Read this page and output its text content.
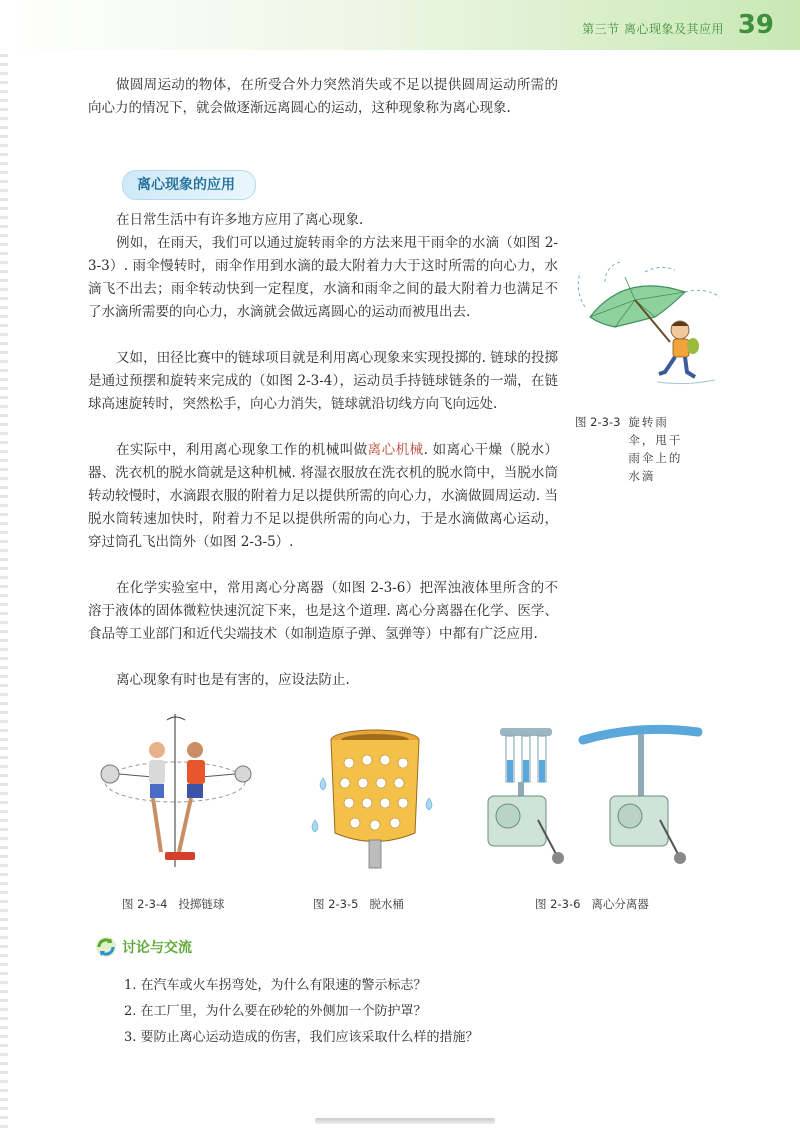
第三节 离心现象及其应用 39

做圆周运动的物体，在所受合外力突然消失或不足以提供圆周运动所需的向心力的情况下，就会做逐渐远离圆心的运动，这种现象称为离心现象.

离心现象的应用

在日常生活中有许多地方应用了离心现象.

例如，在雨天，我们可以通过旋转雨伞的方法来甩干雨伞的水滴（如图 2-3-3）. 雨伞慢转时，雨伞作用到水滴的最大附着力大于这时所需的向心力，水滴飞不出去；雨伞转动快到一定程度，水滴和雨伞之间的最大附着力也满足不了水滴所需要的向心力，水滴就会做远离圆心的运动而被甩出去.

又如，田径比赛中的链球项目就是利用离心现象来实现投掷的. 链球的投掷是通过预摆和旋转来完成的（如图 2-3-4），运动员手持链球链条的一端，在链球高速旋转时，突然松手，向心力消失，链球就沿切线方向飞向远处.

在实际中，利用离心现象工作的机械叫做离心机械. 如离心干燥（脱水）器、洗衣机的脱水筒就是这种机械. 将湿衣服放在洗衣机的脱水筒中，当脱水筒转动较慢时，水滴跟衣服的附着力足以提供所需的向心力，水滴做圆周运动. 当脱水筒转速加快时，附着力不足以提供所需的向心力，于是水滴做离心运动，穿过筒孔飞出筒外（如图 2-3-5）.

在化学实验室中，常用离心分离器（如图 2-3-6）把浑浊液体里所含的不溶于液体的固体微粒快速沉淀下来，也是这个道理. 离心分离器在化学、医学、食品等工业部门和近代尖端技术（如制造原子弹、氢弹等）中都有广泛应用.

离心现象有时也是有害的，应设法防止.

图 2-3-3 旋转雨伞，甩干雨伞上的水滴
图 2-3-4 投掷链球	图 2-3-5 脱水桶	图 2-3-6 离心分离器
讨论与交流
1. 在汽车或火车拐弯处，为什么有限速的警示标志？
2. 在工厂里，为什么要在砂轮的外侧加一个防护罩？
3. 要防止离心运动造成的伤害，我们应该采取什么样的措施？
